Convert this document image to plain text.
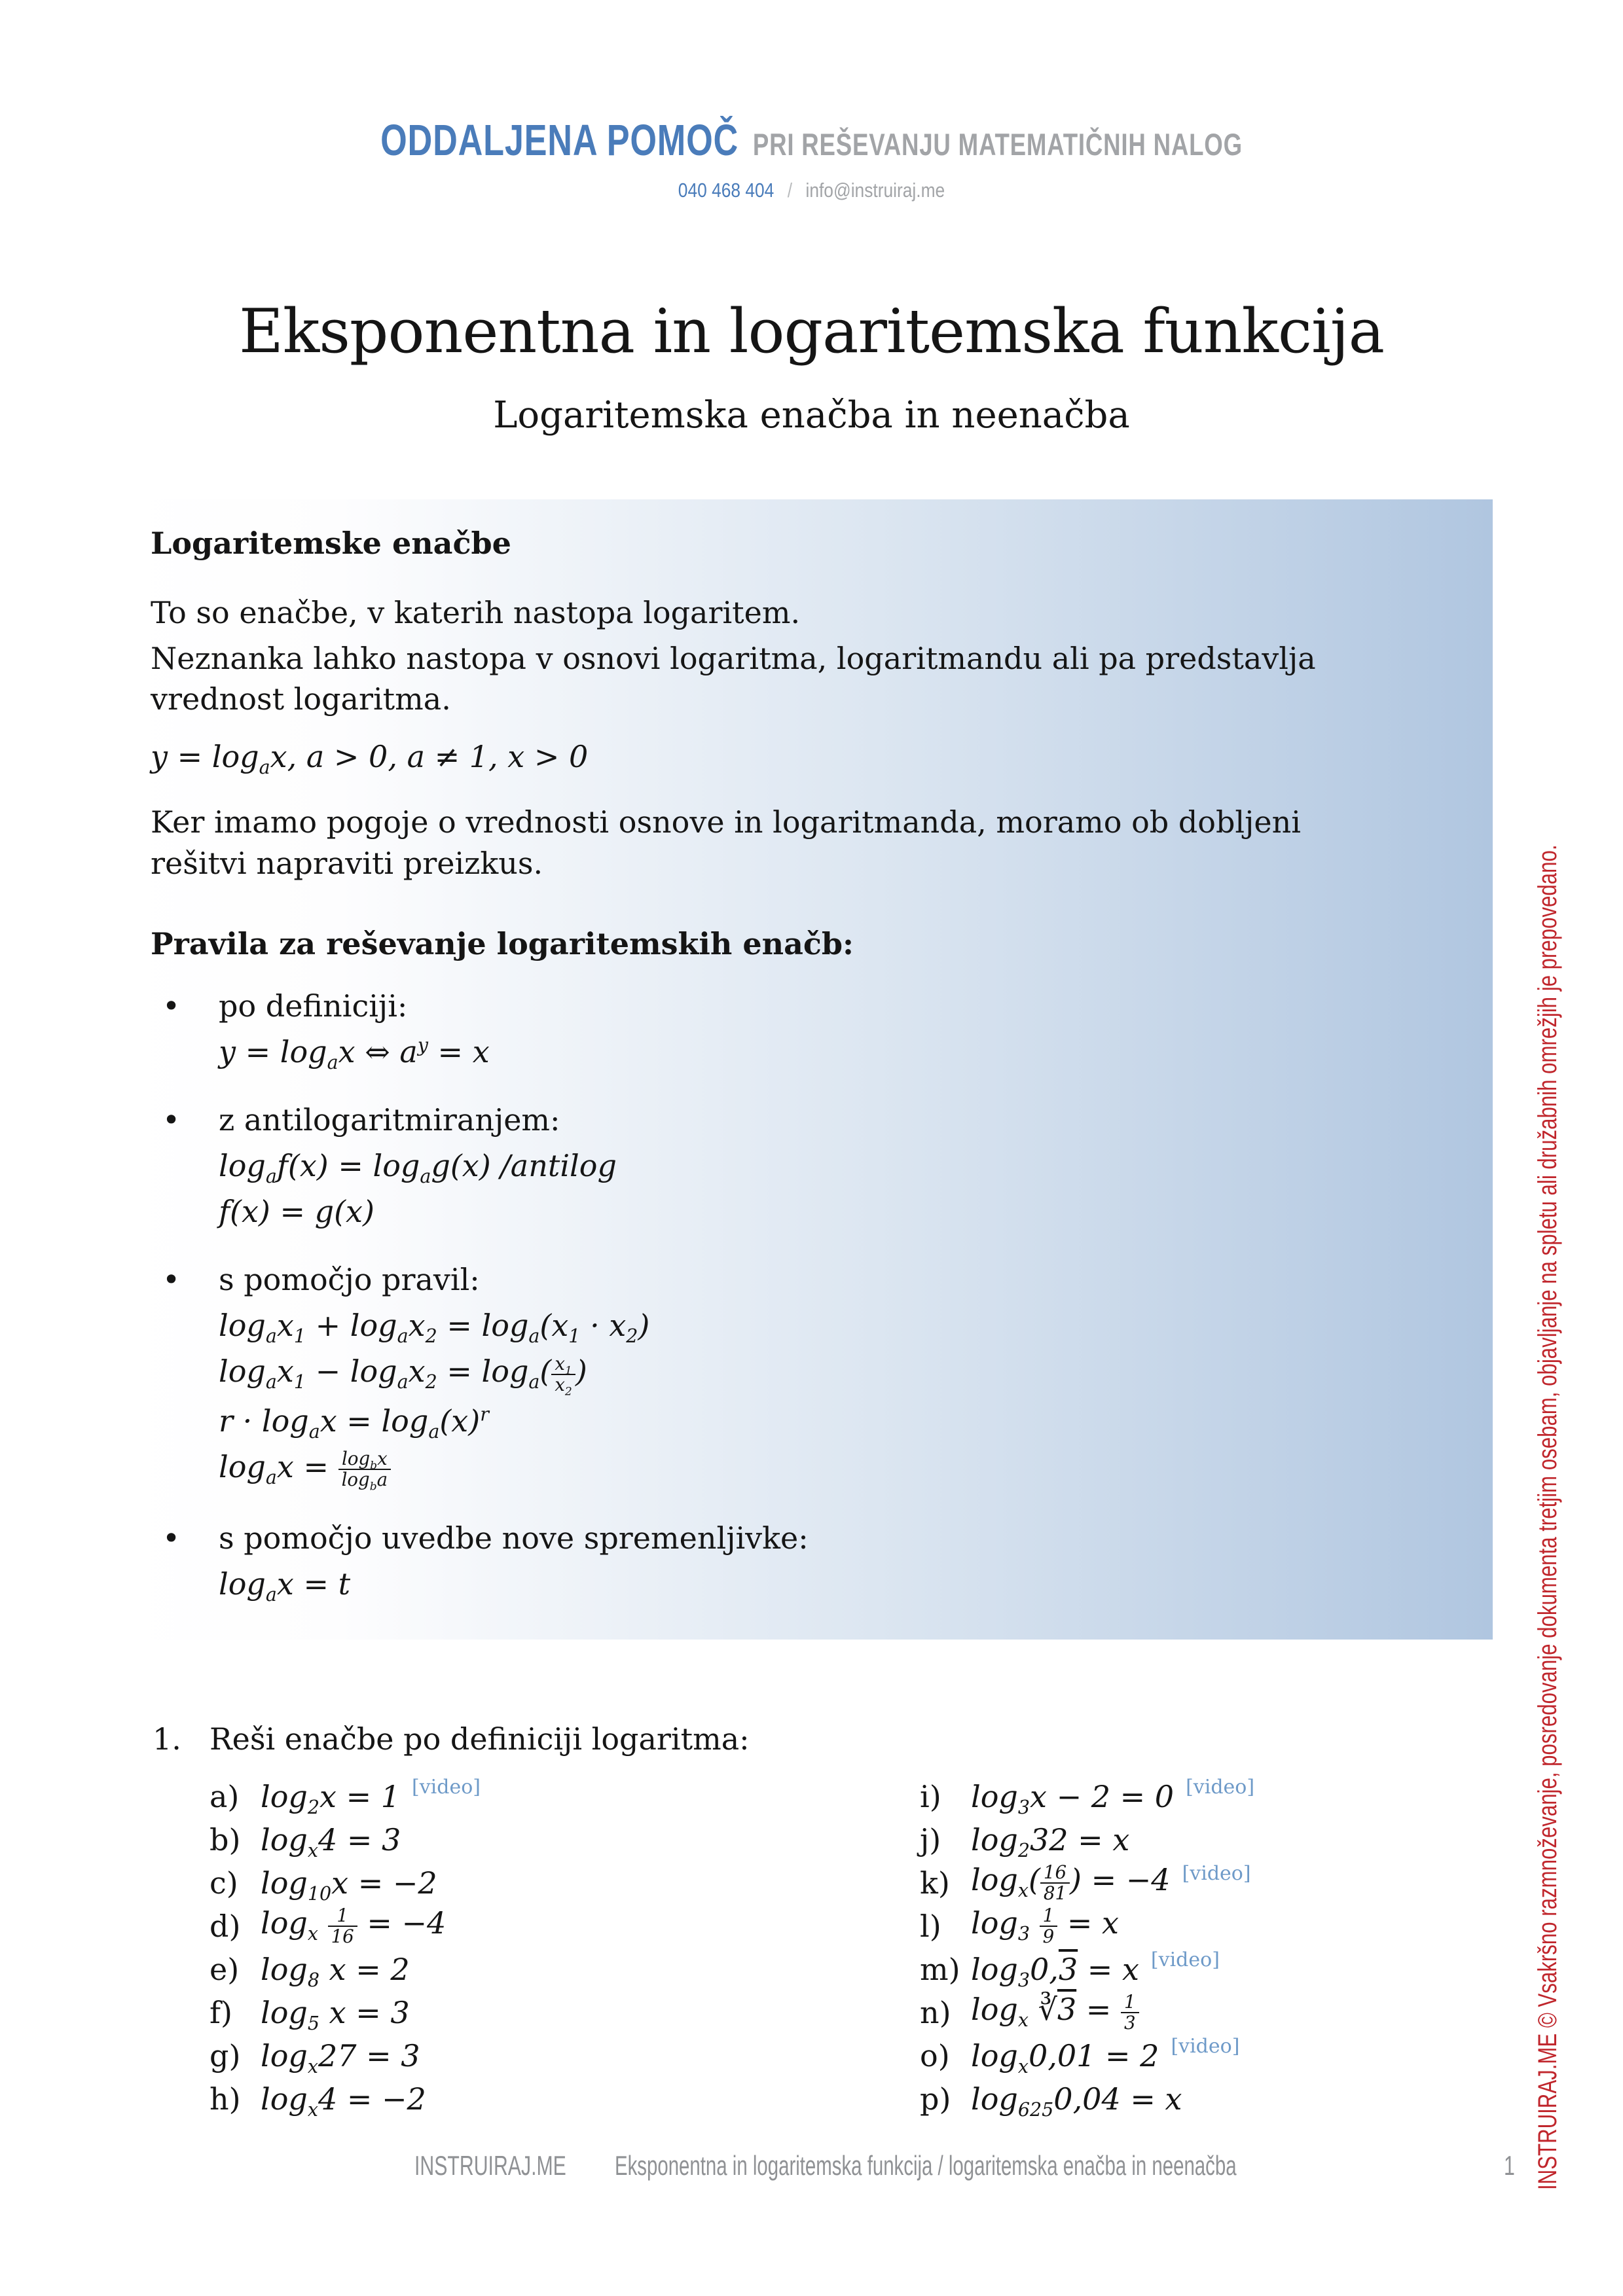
ODDALJENA POMOČ PRI REŠEVANJU MATEMATIČNIH NALOG
040 468 404 / info@instruiraj.me
Eksponentna in logaritemska funkcija
Logaritemska enačba in neenačba
Logaritemske enačbe

To so enačbe, v katerih nastopa logaritem.

Neznanka lahko nastopa v osnovi logaritma, logaritmandu ali pa predstavlja vrednost logaritma.

$y = \log_ax$, a > 0, a ≠ 1, x > 0

Ker imamo pogoje o vrednosti osnove in logaritmanda, moramo ob dobljeni rešitvi napraviti preizkus.

Pravila za reševanje logaritemskih enačb:
• po definiciji:
$y = \log_ax$ ⇔ $a^y = x$
• z antilogaritmiranjem:
$\log_af(x) = \log_ag(x)$ /antilog
f(x) = g(x)
• s pomočjo pravil:
$\log_ax_1 + \log_ax_2 = \log_a(x_1 \cdot x_2)$
$\log_ax_1 - \log_ax_2 = \log_a( \frac{x_1}{x_2}$ )
$r \cdot \log_ax = \log_a(x)^r$
$\log_ax = \frac{\log_bx}{\log_ba}$
• s pomočjo uvedbe nove spremenljivke:
$\log_ax = t$
1. Reši enačbe po definiciji logaritma:
a) $\log_2x = 1$ [video]
b) $\log_x4 = 3$
c) $\log_{10}x = -2$
d) $\log_x \frac{1}{16} = -4$
e) $\log_8 x = 2$
f) $\log_5 x = 3$
g) $\log_x27 = 3$
h) $\log_x4 = -2$
i) $\log_3x - 2 = 0$ [video]
j) $\log_232 = x$
k) $\log_x( \frac{16}{81}$ ) = −4 [video]
l) $\log_3 \frac{1}{9} = x$
m) $\log_30,3 = x$ [video]
n) $\log_x$ ∛3 = $\frac{1}{3}$
o) $\log_x0,01 = 2$ [video]
p) $\log_{625}0,04 = x$
INSTRUIRAJ.ME Eksponentna in logaritemska funkcija / logaritemska enačba in neenačba	1 INSTRUIRAJ.ME © Vsakršno razmnoževanje, posredovanje dokumenta tretjim osebam, objavljanje na spletu ali družabnih omrežjih je prepovedano.
